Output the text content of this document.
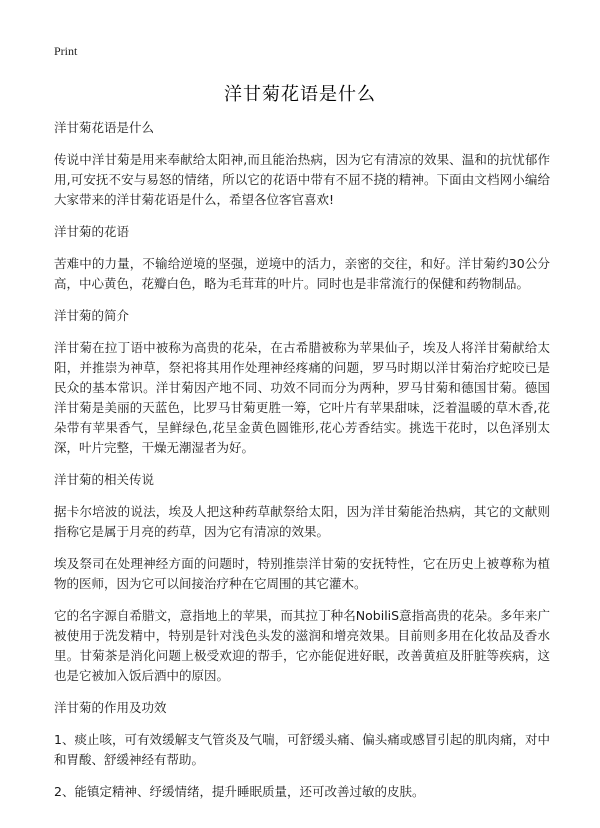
Print
洋甘菊花语是什么

洋甘菊花语是什么

传说中洋甘菊是用来奉献给太阳神,而且能治热病，因为它有清凉的效果、温和的抗忧郁作用,可安抚不安与易怒的情绪，所以它的花语中带有不屈不挠的精神。下面由文档网小编给大家带来的洋甘菊花语是什么，希望各位客官喜欢!

洋甘菊的花语

苦难中的力量，不输给逆境的坚强，逆境中的活力，亲密的交往，和好。洋甘菊约30公分高，中心黄色，花瓣白色，略为毛茸茸的叶片。同时也是非常流行的保健和药物制品。

洋甘菊的简介

洋甘菊在拉丁语中被称为高贵的花朵，在古希腊被称为苹果仙子，埃及人将洋甘菊献给太阳，并推崇为神草，祭祀将其用作处理神经疼痛的问题，罗马时期以洋甘菊治疗蛇咬已是民众的基本常识。洋甘菊因产地不同、功效不同而分为两种，罗马甘菊和德国甘菊。德国洋甘菊是美丽的天蓝色，比罗马甘菊更胜一筹，它叶片有苹果甜味，泛着温暖的草木香,花朵带有苹果香气，呈鲜绿色,花呈金黄色圆锥形,花心芳香结实。挑选干花时，以色泽别太深，叶片完整，干燥无潮湿者为好。

洋甘菊的相关传说

据卡尔培波的说法，埃及人把这种药草献祭给太阳，因为洋甘菊能治热病，其它的文献则指称它是属于月亮的药草，因为它有清凉的效果。

埃及祭司在处理神经方面的问题时，特别推崇洋甘菊的安抚特性，它在历史上被尊称为植物的医师，因为它可以间接治疗种在它周围的其它灌木。

它的名字源自希腊文，意指地上的苹果，而其拉丁种名NobiliS意指高贵的花朵。多年来广被使用于洗发精中，特别是针对浅色头发的滋润和增亮效果。目前则多用在化妆品及香水里。甘菊茶是消化问题上极受欢迎的帮手，它亦能促进好眠，改善黄疸及肝脏等疾病，这也是它被加入饭后酒中的原因。

洋甘菊的作用及功效

1、痰止咳，可有效缓解支气管炎及气喘，可舒缓头痛、偏头痛或感冒引起的肌肉痛，对中和胃酸、舒缓神经有帮助。

2、能镇定精神、纾缓情绪，提升睡眠质量，还可改善过敏的皮肤。
